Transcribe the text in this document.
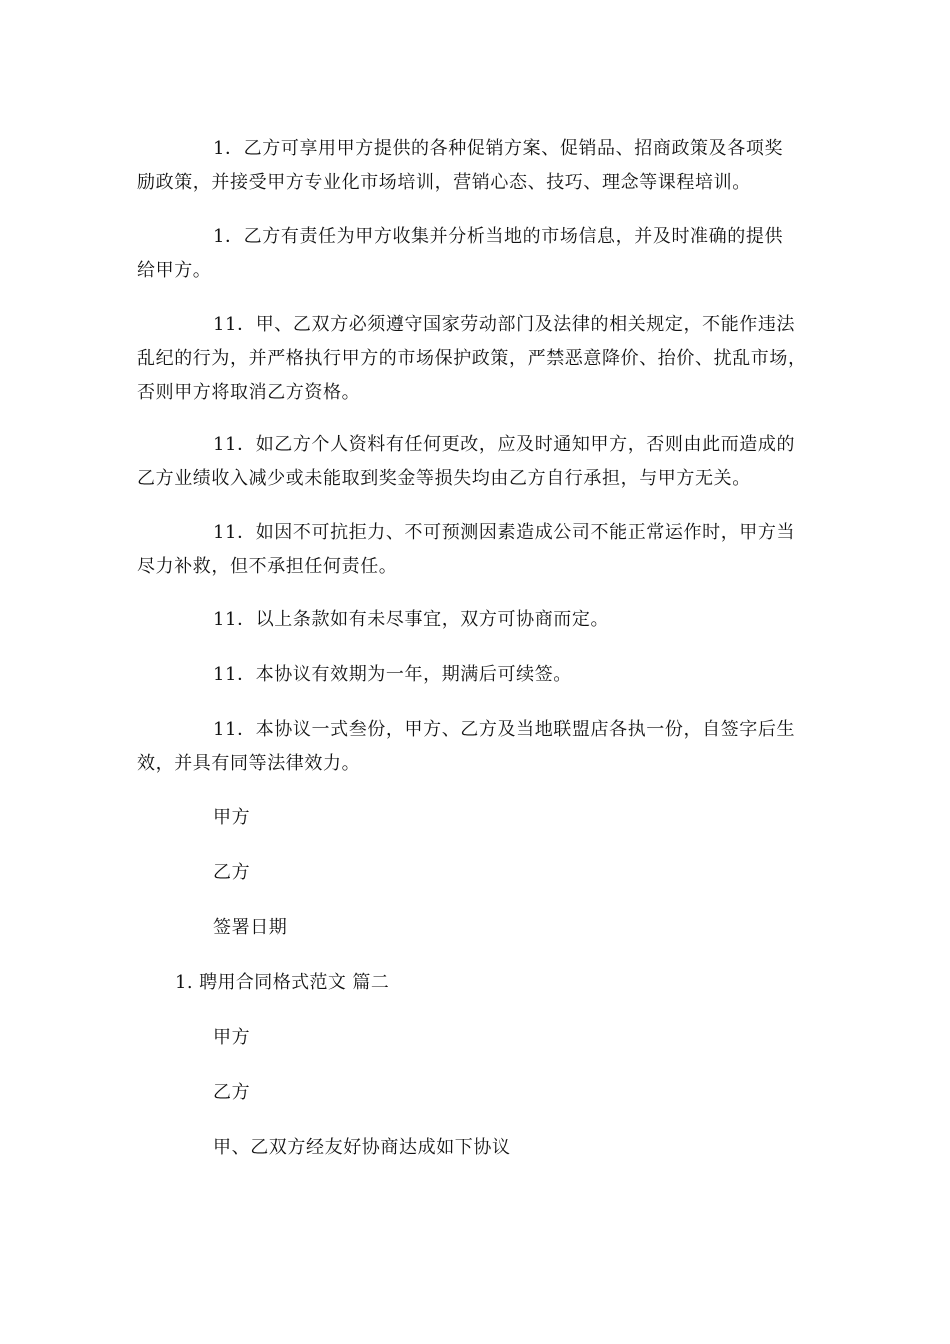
1．乙方可享用甲方提供的各种促销方案、促销品、招商政策及各项奖
励政策，并接受甲方专业化市场培训，营销心态、技巧、理念等课程培训。
1．乙方有责任为甲方收集并分析当地的市场信息，并及时准确的提供
给甲方。
11．甲、乙双方必须遵守国家劳动部门及法律的相关规定，不能作违法
乱纪的行为，并严格执行甲方的市场保护政策，严禁恶意降价、抬价、扰乱市场，
否则甲方将取消乙方资格。
11．如乙方个人资料有任何更改，应及时通知甲方，否则由此而造成的
乙方业绩收入减少或未能取到奖金等损失均由乙方自行承担，与甲方无关。
11．如因不可抗拒力、不可预测因素造成公司不能正常运作时，甲方当
尽力补救，但不承担任何责任。
11．以上条款如有未尽事宜，双方可协商而定。
11．本协议有效期为一年，期满后可续签。
11．本协议一式叁份，甲方、乙方及当地联盟店各执一份，自签字后生
效，并具有同等法律效力。
甲方
乙方
签署日期
1. 聘用合同格式范文 篇二
甲方
乙方
甲、乙双方经友好协商达成如下协议
